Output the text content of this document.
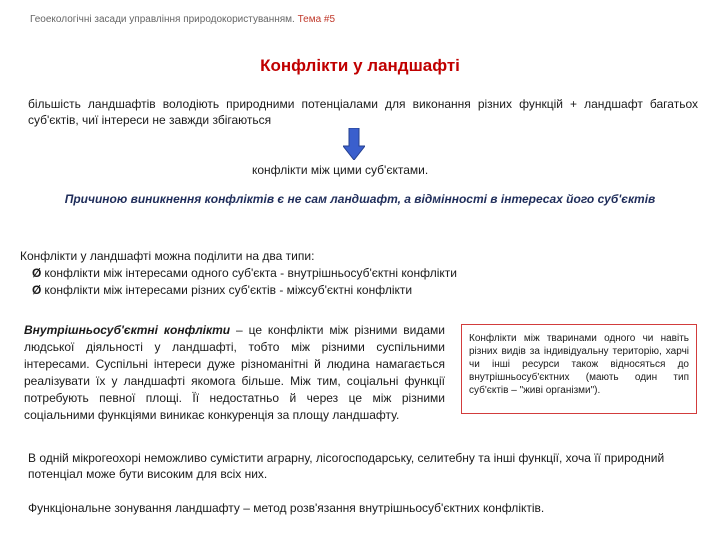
Геоекологічні засади управління природокористуванням. Тема #5
Конфлікти у ландшафті
більшість ландшафтів володіють природними потенціалами для виконання різних функцій + ландшафт багатьох суб'єктів, чиї інтереси не завжди збігаються
конфлікти між цими суб'єктами.
Причиною виникнення конфліктів є не сам ландшафт, а відмінності в інтересах його суб'єктів
Конфлікти у ландшафті можна поділити на два типи:
Ø конфлікти між інтересами одного суб'єкта - внутрішньосуб'єктні конфлікти
Ø конфлікти між інтересами різних суб'єктів - міжсуб'єктні конфлікти
Внутрішньосуб'єктні конфлікти – це конфлікти між різними видами людської діяльності у ландшафті, тобто між різними суспільними інтересами. Суспільні інтереси дуже різноманітні й людина намагається реалізувати їх у ландшафті якомога більше. Між тим, соціальні функції потребують певної площі. Її недостатньо й через це між різними соціальними функціями виникає конкуренція за площу ландшафту.
Конфлікти між тваринами одного чи навіть різних видів за індивідуальну територію, харчі чи інші ресурси також відносяться до внутрішньосуб'єктних (мають один тип суб'єктів – "живі організми").
В одній мікрогеохорі неможливо сумістити аграрну, лісогосподарську, селитебну та інші функції, хоча її природний потенціал може бути високим для всіх них.
Функціональне зонування ландшафту – метод розв'язання внутрішньосуб'єктних конфліктів.
